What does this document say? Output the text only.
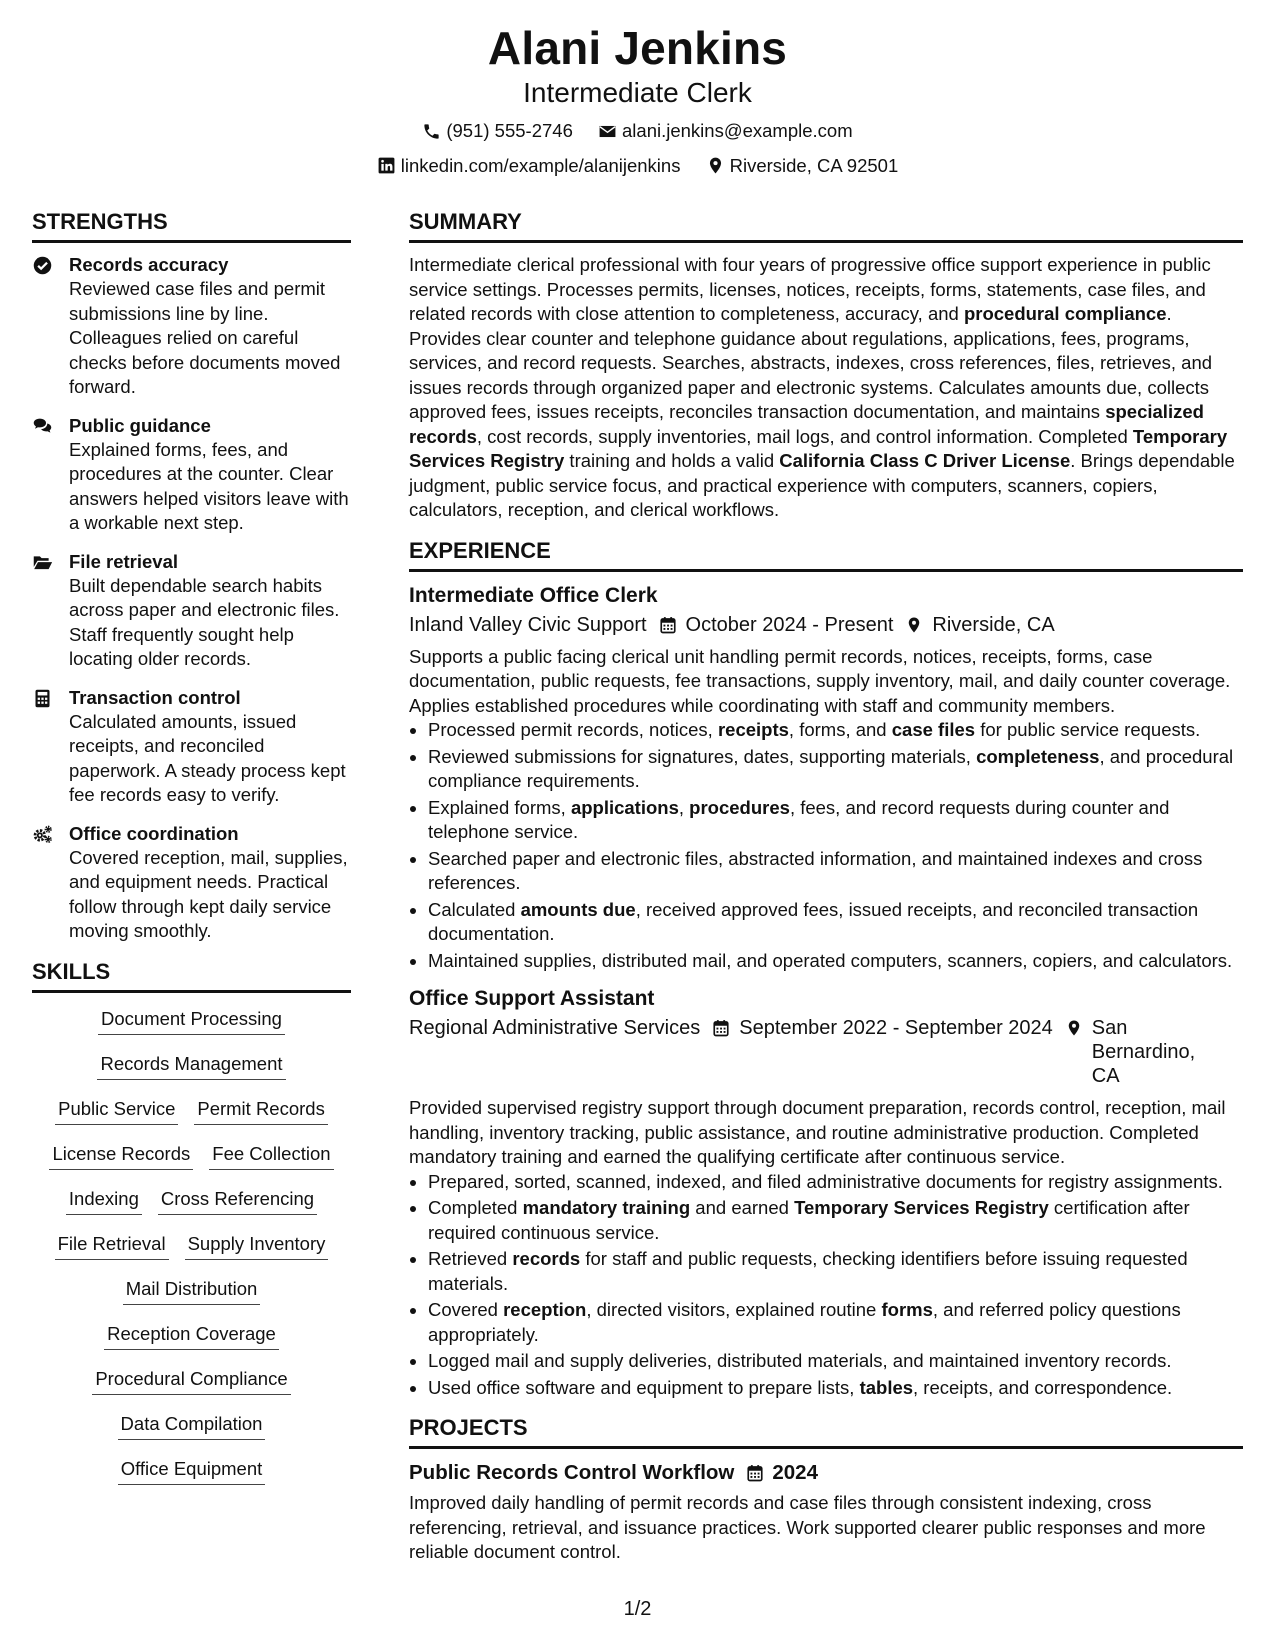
Alani Jenkins
Intermediate Clerk
(951) 555-2746
	alani.jenkins@example.com
linkedin.com/example/alanijenkins
	Riverside, CA 92501
STRENGTHS
Records accuracy
Reviewed case files and permit submissions line by line. Colleagues relied on careful checks before documents moved forward.
Public guidance
Explained forms, fees, and procedures at the counter. Clear answers helped visitors leave with a workable next step.
File retrieval
Built dependable search habits across paper and electronic files. Staff frequently sought help locating older records.
Transaction control
Calculated amounts, issued receipts, and reconciled paperwork. A steady process kept fee records easy to verify.
Office coordination
Covered reception, mail, supplies, and equipment needs. Practical follow through kept daily service moving smoothly.
SKILLS
Document Processing
Records Management
Public Service Permit Records
License Records Fee Collection
Indexing Cross Referencing
File Retrieval Supply Inventory
Mail Distribution
Reception Coverage
Procedural Compliance
Data Compilation
Office Equipment
SUMMARY
Intermediate clerical professional with four years of progressive office support experience in public service settings. Processes permits, licenses, notices, receipts, forms, statements, case files, and related records with close attention to completeness, accuracy, and procedural compliance. Provides clear counter and telephone guidance about regulations, applications, fees, programs, services, and record requests. Searches, abstracts, indexes, cross references, files, retrieves, and issues records through organized paper and electronic systems. Calculates amounts due, collects approved fees, issues receipts, reconciles transaction documentation, and maintains specialized records, cost records, supply inventories, mail logs, and control information. Completed Temporary Services Registry training and holds a valid California Class C Driver License. Brings dependable judgment, public service focus, and practical experience with computers, scanners, copiers, calculators, reception, and clerical workflows.
EXPERIENCE
Intermediate Office Clerk
Inland Valley Civic Support October 2024 - Present Riverside, CA
Supports a public facing clerical unit handling permit records, notices, receipts, forms, case documentation, public requests, fee transactions, supply inventory, mail, and daily counter coverage. Applies established procedures while coordinating with staff and community members.
• Processed permit records, notices, receipts, forms, and case files for public service requests.
• Reviewed submissions for signatures, dates, supporting materials, completeness, and procedural compliance requirements.
• Explained forms, applications, procedures, fees, and record requests during counter and telephone service.
• Searched paper and electronic files, abstracted information, and maintained indexes and cross references.
• Calculated amounts due, received approved fees, issued receipts, and reconciled transaction documentation.
• Maintained supplies, distributed mail, and operated computers, scanners, copiers, and calculators.
Office Support Assistant
Regional Administrative Services September 2022 - September 2024 San Bernardino, CA
Provided supervised registry support through document preparation, records control, reception, mail handling, inventory tracking, public assistance, and routine administrative production. Completed mandatory training and earned the qualifying certificate after continuous service.
• Prepared, sorted, scanned, indexed, and filed administrative documents for registry assignments.
• Completed mandatory training and earned Temporary Services Registry certification after required continuous service.
• Retrieved records for staff and public requests, checking identifiers before issuing requested materials.
• Covered reception, directed visitors, explained routine forms, and referred policy questions appropriately.
• Logged mail and supply deliveries, distributed materials, and maintained inventory records.
• Used office software and equipment to prepare lists, tables, receipts, and correspondence.
PROJECTS
Public Records Control Workflow 2024
Improved daily handling of permit records and case files through consistent indexing, cross referencing, retrieval, and issuance practices. Work supported clearer public responses and more reliable document control.
1/2
